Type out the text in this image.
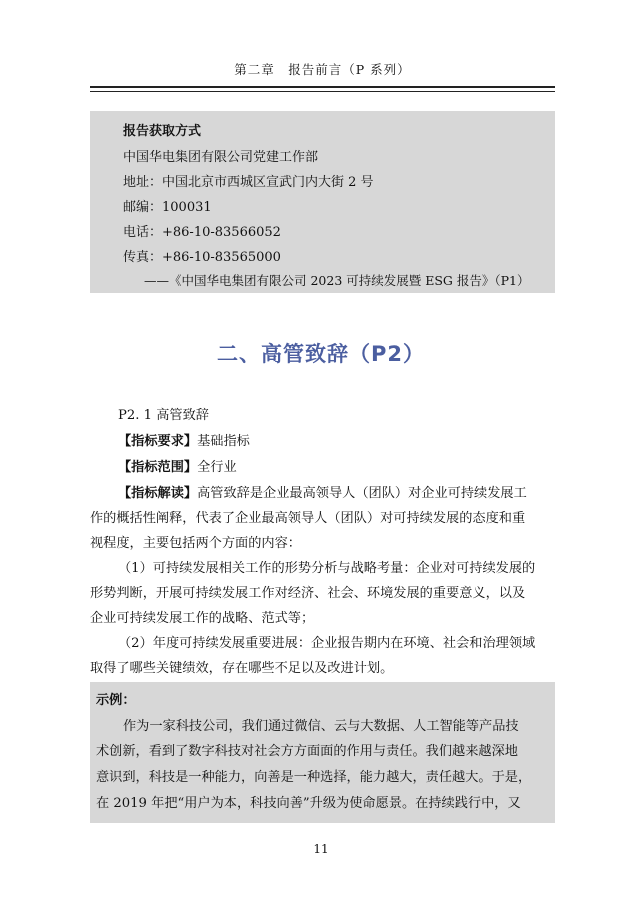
第二章　报告前言（P 系列）
报告获取方式
中国华电集团有限公司党建工作部
地址：中国北京市西城区宣武门内大街 2 号
邮编：100031
电话：+86-10-83566052
传真：+86-10-83565000
——《中国华电集团有限公司 2023 可持续发展暨 ESG 报告》（P1）
二、高管致辞（P2）
P2. 1 高管致辞
【指标要求】基础指标
【指标范围】全行业
【指标解读】高管致辞是企业最高领导人（团队）对企业可持续发展工
作的概括性阐释，代表了企业最高领导人（团队）对可持续发展的态度和重
视程度，主要包括两个方面的内容：
（1）可持续发展相关工作的形势分析与战略考量：企业对可持续发展的
形势判断，开展可持续发展工作对经济、社会、环境发展的重要意义，以及
企业可持续发展工作的战略、范式等；
（2）年度可持续发展重要进展：企业报告期内在环境、社会和治理领域
取得了哪些关键绩效，存在哪些不足以及改进计划。
示例：
作为一家科技公司，我们通过微信、云与大数据、人工智能等产品技
术创新，看到了数字科技对社会方方面面的作用与责任。我们越来越深地
意识到，科技是一种能力，向善是一种选择，能力越大，责任越大。于是，
在 2019 年把“用户为本，科技向善”升级为使命愿景。在持续践行中，又
11
